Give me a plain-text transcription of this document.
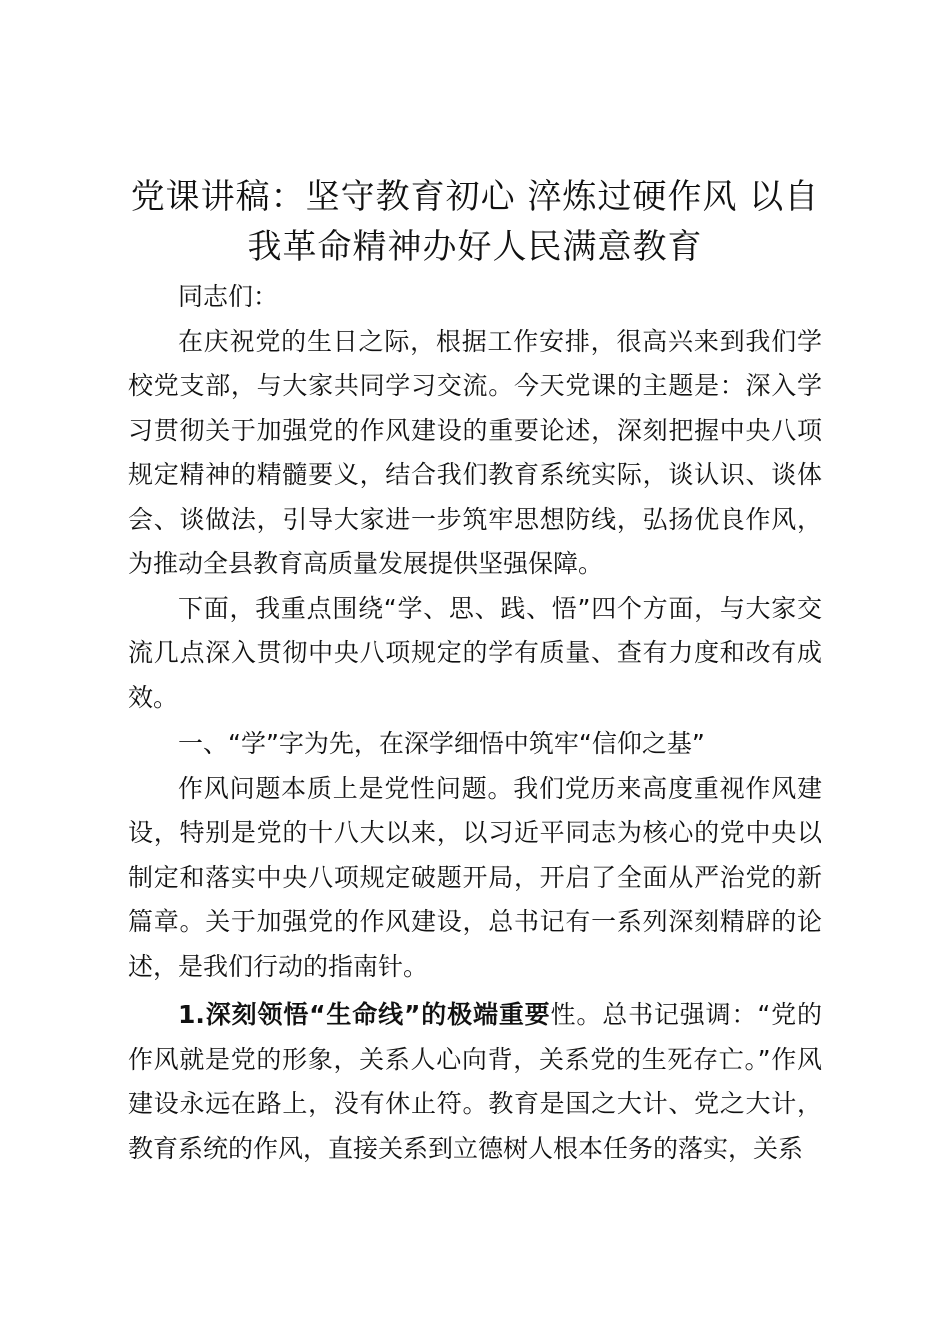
党课讲稿：坚守教育初心 淬炼过硬作风 以自
我革命精神办好人民满意教育

同志们：

在庆祝党的生日之际，根据工作安排，很高兴来到我们学校党支部，与大家共同学习交流。今天党课的主题是：深入学习贯彻关于加强党的作风建设的重要论述，深刻把握中央八项规定精神的精髓要义，结合我们教育系统实际，谈认识、谈体会、谈做法，引导大家进一步筑牢思想防线，弘扬优良作风，为推动全县教育高质量发展提供坚强保障。

下面，我重点围绕“学、思、践、悟”四个方面，与大家交流几点深入贯彻中央八项规定的学有质量、查有力度和改有成效。

一、“学”字为先，在深学细悟中筑牢“信仰之基”

作风问题本质上是党性问题。我们党历来高度重视作风建设，特别是党的十八大以来，以习近平同志为核心的党中央以制定和落实中央八项规定破题开局，开启了全面从严治党的新篇章。关于加强党的作风建设，总书记有一系列深刻精辟的论述，是我们行动的指南针。

1.深刻领悟“生命线”的极端重要性。总书记强调：“党的作风就是党的形象，关系人心向背，关系党的生死存亡。”作风建设永远在路上，没有休止符。教育是国之大计、党之大计，教育系统的作风，直接关系到立德树人根本任务的落实，关系
